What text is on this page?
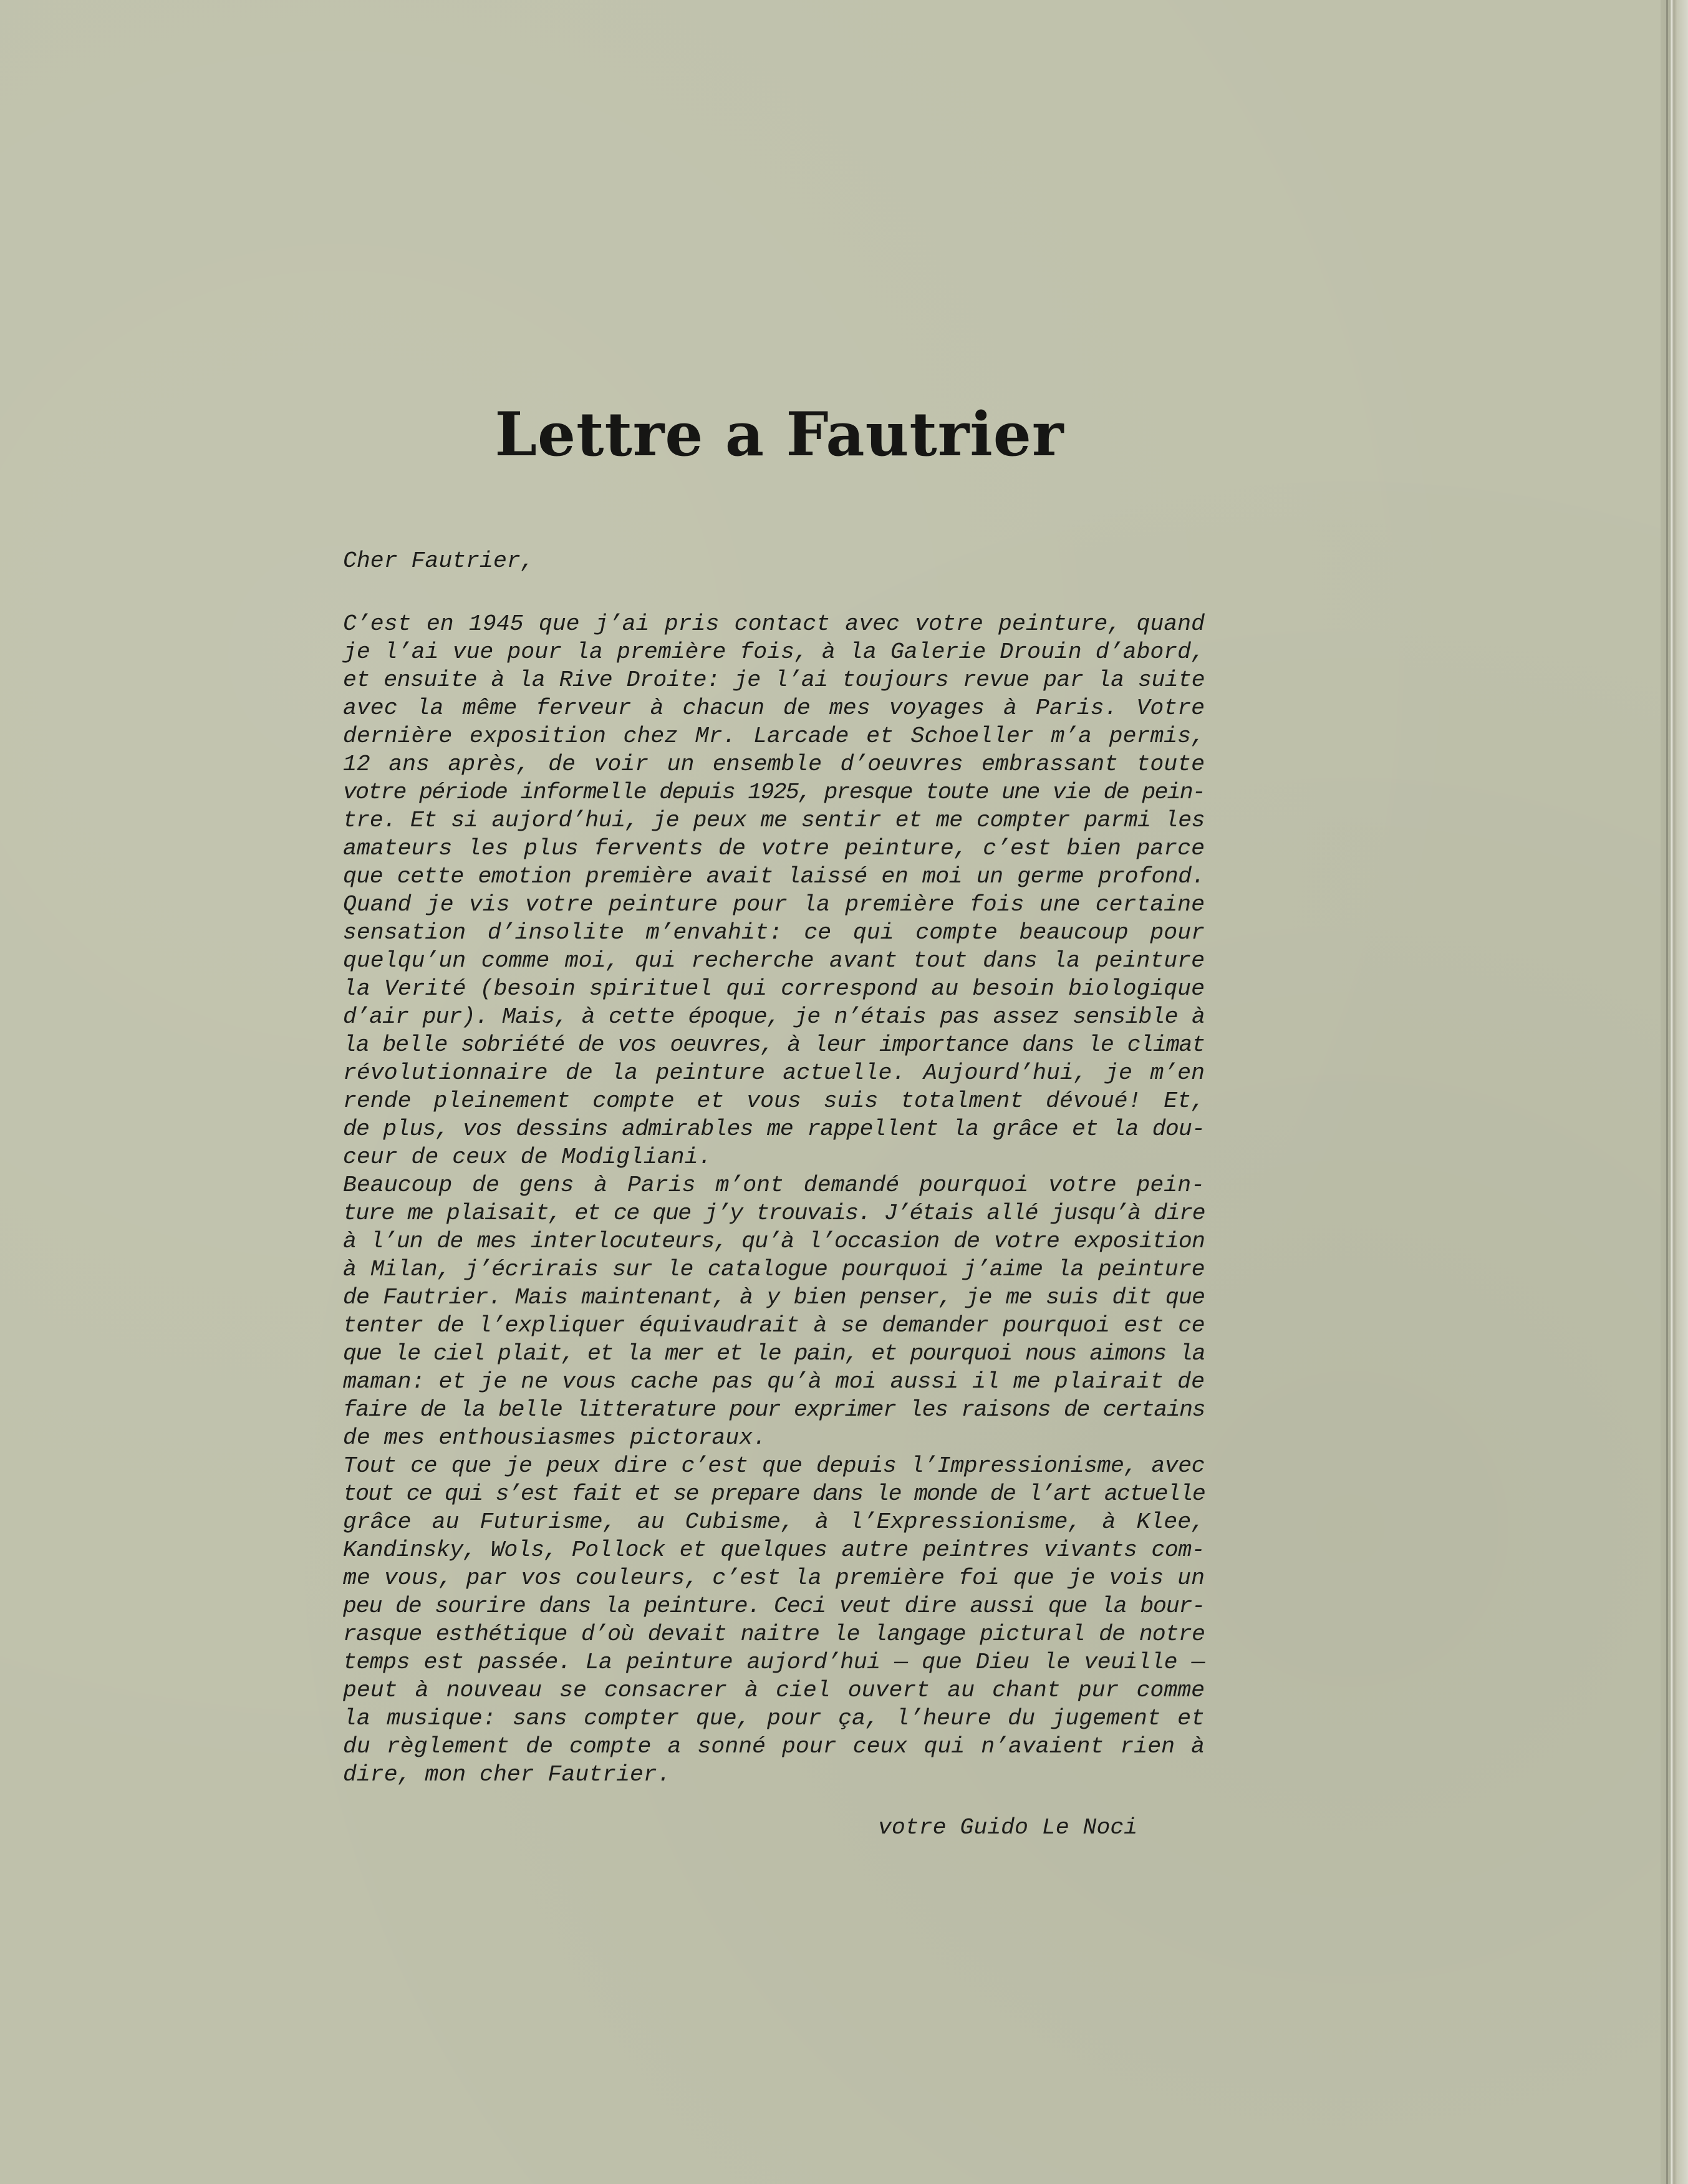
Lettre a Fautrier

Cher Fautrier,

C’est en 1945 que j’ai pris contact avec votre peinture, quand
je l’ai vue pour la première fois, à la Galerie Drouin d’abord,
et ensuite à la Rive Droite: je l’ai toujours revue par la suite
avec la même ferveur à chacun de mes voyages à Paris. Votre
dernière exposition chez Mr. Larcade et Schoeller m’a permis,
12 ans après, de voir un ensemble d’oeuvres embrassant toute
votre période informelle depuis 1925, presque toute une vie de pein-
tre. Et si aujord’hui, je peux me sentir et me compter parmi les
amateurs les plus fervents de votre peinture, c’est bien parce
que cette emotion première avait laissé en moi un germe profond.
Quand je vis votre peinture pour la première fois une certaine
sensation d’insolite m’envahit: ce qui compte beaucoup pour
quelqu’un comme moi, qui recherche avant tout dans la peinture
la Verité (besoin spirituel qui correspond au besoin biologique
d’air pur). Mais, à cette époque, je n’étais pas assez sensible à
la belle sobriété de vos oeuvres, à leur importance dans le climat
révolutionnaire de la peinture actuelle. Aujourd’hui, je m’en
rende pleinement compte et vous suis totalment dévoué! Et,
de plus, vos dessins admirables me rappellent la grâce et la dou-
ceur de ceux de Modigliani.

Beaucoup de gens à Paris m’ont demandé pourquoi votre pein-
ture me plaisait, et ce que j’y trouvais. J’étais allé jusqu’à dire
à l’un de mes interlocuteurs, qu’à l’occasion de votre exposition
à Milan, j’écrirais sur le catalogue pourquoi j’aime la peinture
de Fautrier. Mais maintenant, à y bien penser, je me suis dit que
tenter de l’expliquer équivaudrait à se demander pourquoi est ce
que le ciel plait, et la mer et le pain, et pourquoi nous aimons la
maman: et je ne vous cache pas qu’à moi aussi il me plairait de
faire de la belle litterature pour exprimer les raisons de certains
de mes enthousiasmes pictoraux.

Tout ce que je peux dire c’est que depuis l’Impressionisme, avec
tout ce qui s’est fait et se prepare dans le monde de l’art actuelle
grâce au Futurisme, au Cubisme, à l’Expressionisme, à Klee,
Kandinsky, Wols, Pollock et quelques autre peintres vivants com-
me vous, par vos couleurs, c’est la première foi que je vois un
peu de sourire dans la peinture. Ceci veut dire aussi que la bour-
rasque esthétique d’où devait naitre le langage pictural de notre
temps est passée. La peinture aujord’hui — que Dieu le veuille —
peut à nouveau se consacrer à ciel ouvert au chant pur comme
la musique: sans compter que, pour ça, l’heure du jugement et
du règlement de compte a sonné pour ceux qui n’avaient rien à
dire, mon cher Fautrier.

votre Guido Le Noci
